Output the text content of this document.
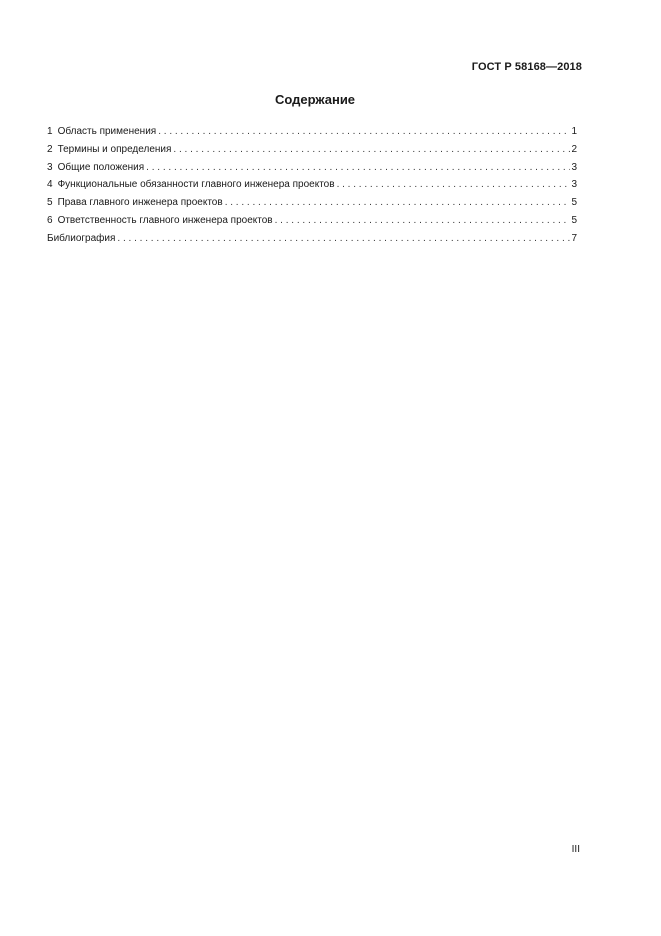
ГОСТ Р 58168—2018
Содержание
1 Область применения . . .	1
2 Термины и определения . . .	2
3 Общие положения . . .	3
4 Функциональные обязанности главного инженера проектов . . .	3
5 Права главного инженера проектов . . .	5
6 Ответственность главного инженера проектов . . .	5
Библиография . . .	7
III
